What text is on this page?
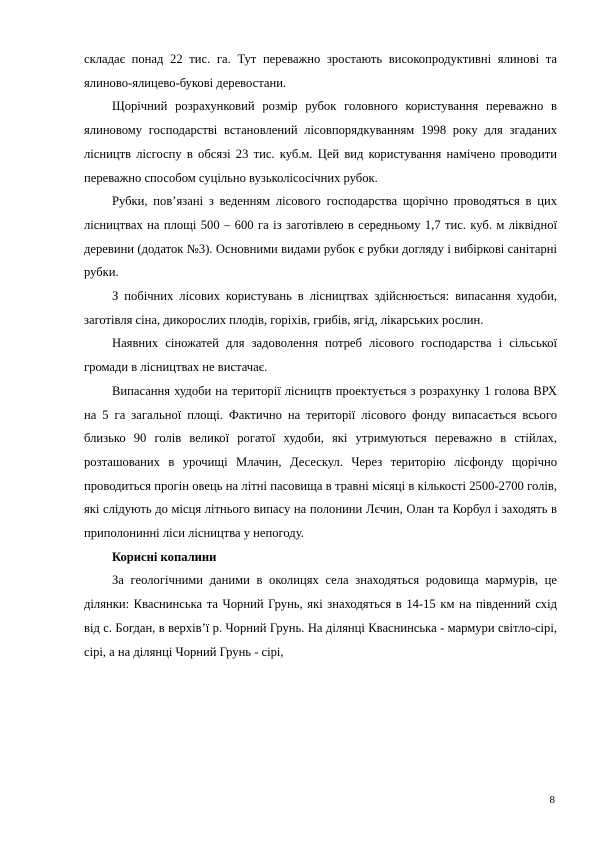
складає понад 22 тис. га. Тут переважно зростають високопродуктивні ялинові та ялиново-ялицево-букові деревостани.

Щорічний розрахунковий розмір рубок головного користування переважно в ялиновому господарстві встановлений лісовпорядкуванням 1998 року для згаданих лісництв лісгоспу в обсязі 23 тис. куб.м. Цей вид користування намічено проводити переважно способом суцільно вузьколісосічних рубок.

Рубки, пов’язані з веденням лісового господарства щорічно проводяться в цих лісництвах на площі 500 – 600 га із заготівлею в середньому 1,7 тис. куб. м ліквідної деревини (додаток №3). Основними видами рубок є рубки догляду і вибіркові санітарні рубки.

З побічних лісових користувань в лісництвах здійснюється: випасання худоби, заготівля сіна, дикорослих плодів, горіхів, грибів, ягід, лікарських рослин.

Наявних сіножатей для задоволення потреб лісового господарства і сільської громади в лісництвах не вистачає.

Випасання худоби на території лісництв проектується з розрахунку 1 голова ВРХ на 5 га загальної площі. Фактично на території лісового фонду випасається всього близько 90 голів великої рогатої худоби, які утримуються переважно в стійлах, розташованих в урочищі Млачин, Десескул. Через територію лісфонду щорічно проводиться прогін овець на літні пасовища в травні місяці в кількості 2500-2700 голів, які слідують до місця літнього випасу на полонини Лєчин, Олан та Корбул і заходять в приполонинні ліси лісництва у непогоду.

Корисні копалини

За геологічними даними в околицях села знаходяться родовища мармурів, це ділянки: Кваснинська та Чорний Грунь, які знаходяться в 14-15 км на південний схід від с. Богдан, в верхів’ї р. Чорний Грунь. На ділянці Кваснинська - мармури світло-сірі, сірі, а на ділянці Чорний Грунь - сірі,

8
